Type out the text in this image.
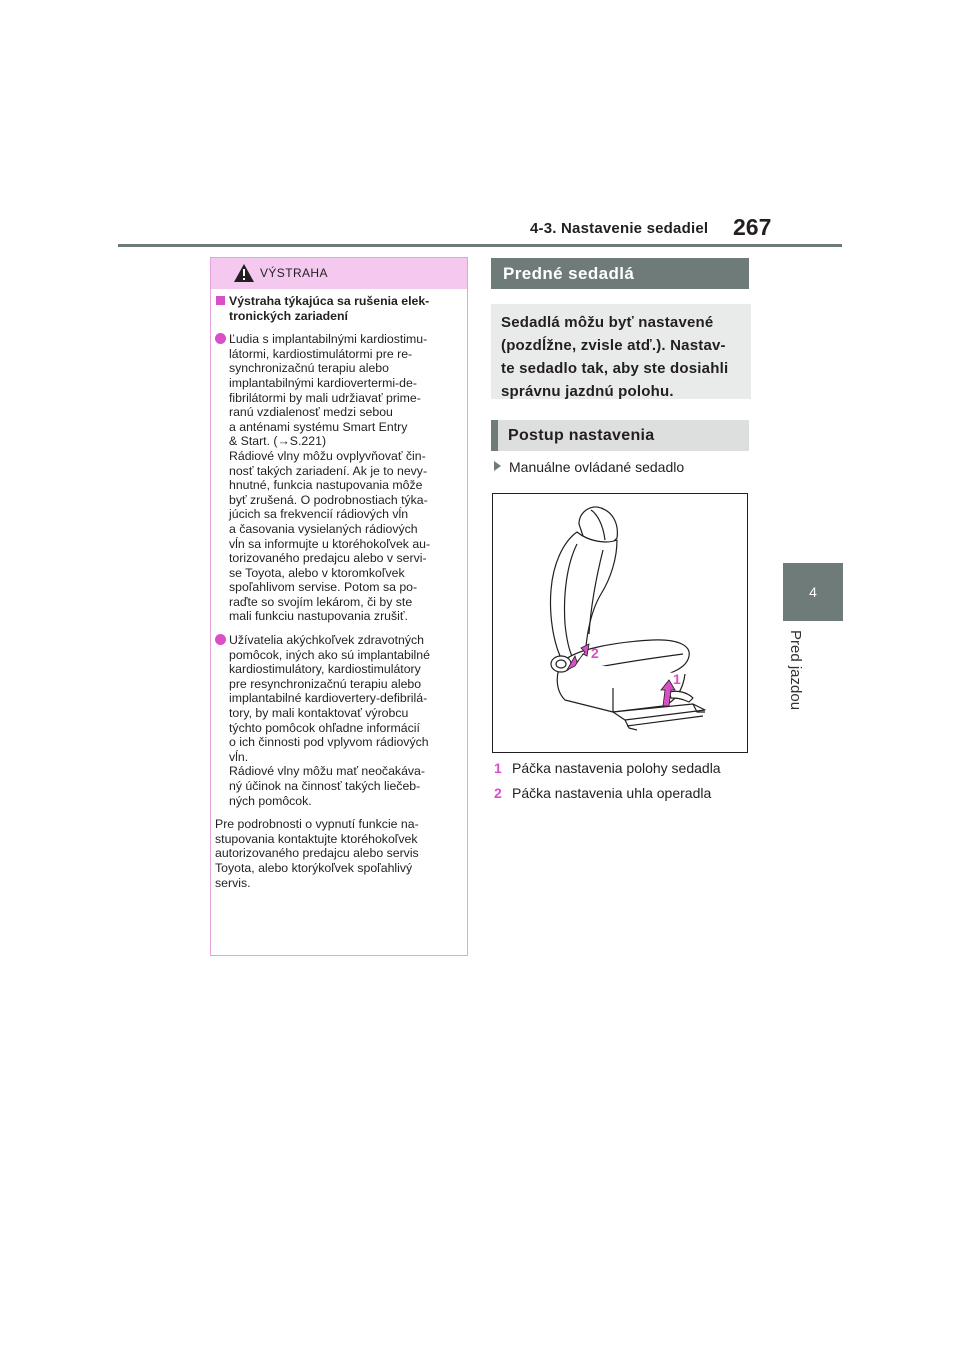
4-3. Nastavenie sedadiel 267
4
Pred jazdou
VÝSTRAHA
Výstraha týkajúca sa rušenia elek-
tronických zariadení
Ľudia s implantabilnými kardiostimu-
látormi, kardiostimulátormi pre re-
synchronizačnú terapiu alebo
implantabilnými kardiovertermi-de-
fibrilátormi by mali udržiavať prime-
ranú vzdialenosť medzi sebou
a anténami systému Smart Entry
& Start. (→S.221)
Rádiové vlny môžu ovplyvňovať čin-
nosť takých zariadení. Ak je to nevy-
hnutné, funkcia nastupovania môže
byť zrušená. O podrobnostiach týka-
júcich sa frekvencií rádiových vĺn
a časovania vysielaných rádiových
vĺn sa informujte u ktoréhokoľvek au-
torizovaného predajcu alebo v servi-
se Toyota, alebo v ktoromkoľvek
spoľahlivom servise. Potom sa po-
raďte so svojím lekárom, či by ste
mali funkciu nastupovania zrušiť.
Užívatelia akýchkoľvek zdravotných
pomôcok, iných ako sú implantabilné
kardiostimulátory, kardiostimulátory
pre resynchronizačnú terapiu alebo
implantabilné kardiovertery-defibrilá-
tory, by mali kontaktovať výrobcu
týchto pomôcok ohľadne informácií
o ich činnosti pod vplyvom rádiových
vĺn.
Rádiové vlny môžu mať neočakáva-
ný účinok na činnosť takých liečeb-
ných pomôcok.
Pre podrobnosti o vypnutí funkcie na-
stupovania kontaktujte ktoréhokoľvek
autorizovaného predajcu alebo servis
Toyota, alebo ktorýkoľvek spoľahlivý
servis.
Predné sedadlá
Sedadlá môžu byť nastavené
(pozdĺžne, zvisle atď.). Nastav-
te sedadlo tak, aby ste dosiahli
správnu jazdnú polohu.
Postup nastavenia
Manuálne ovládané sedadlo
2
1
1 Páčka nastavenia polohy sedadla
2 Páčka nastavenia uhla operadla
